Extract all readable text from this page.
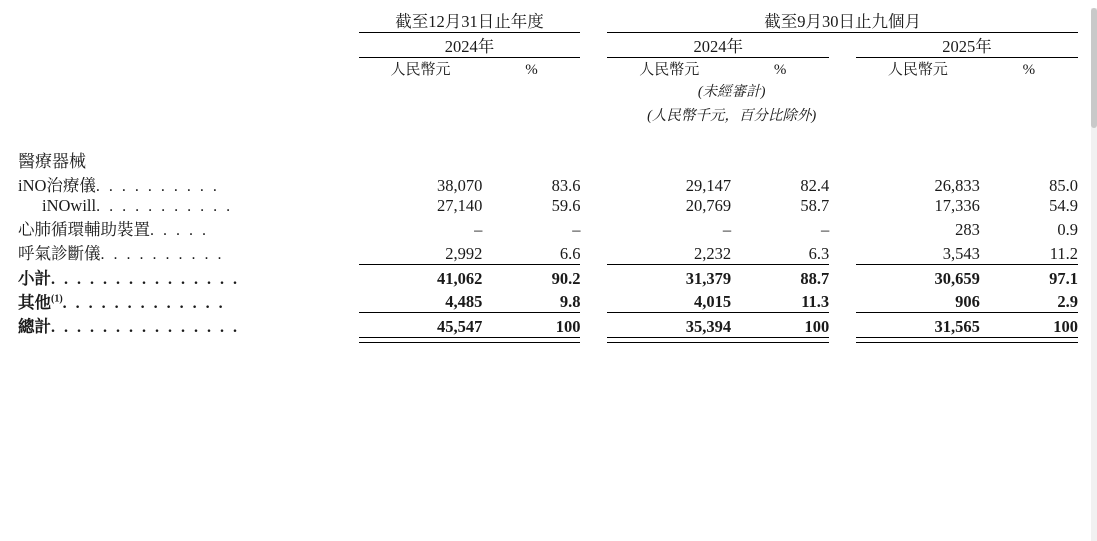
	截至12月31日止年度			截至9月30日止九個月				
	2024年			2024年			2025年	
	人民幣元	%		人民幣元	%		人民幣元	%
				(未經審計)				
				(人民幣千元，百分比除外)				

醫療器械								
iNO治療儀. . . . . . . . . .	38,070	83.6		29,147	82.4		26,833	85.0
iNOwill. . . . . . . . . . .	27,140	59.6		20,769	58.7		17,336	54.9
心肺循環輔助裝置. . . . .	–	–		–	–		283	0.9
呼氣診斷儀. . . . . . . . . .	2,992	6.6		2,232	6.3		3,543	11.2

小計. . . . . . . . . . . . . . .	41,062	90.2		31,379	88.7		30,659	97.1
其他$^{(1)}$. . . . . . . . . . . . .	4,485	9.8		4,015	11.3		906	2.9

總計. . . . . . . . . . . . . . .	45,547	100		35,394	100		31,565	100
